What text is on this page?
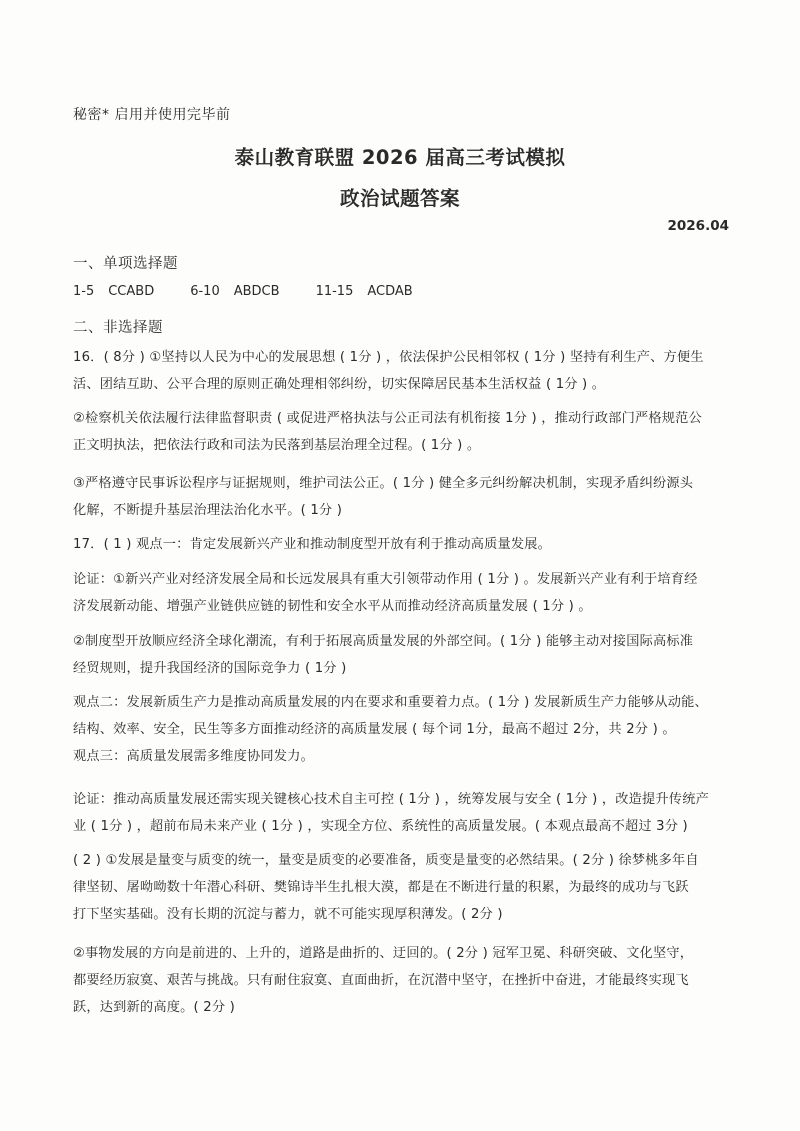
秘密* 启用并使用完毕前
泰山教育联盟 2026 届高三考试模拟
政治试题答案
2026.04
一、单项选择题
1-5 CCABD	6-10 ABDCB	11-15 ACDAB
二、非选择题
16．( 8分 ) ①坚持以人民为中心的发展思想 ( 1分 ) ，依法保护公民相邻权 ( 1分 ) 坚持有利生产、方便生
活、团结互助、公平合理的原则正确处理相邻纠纷，切实保障居民基本生活权益 ( 1分 ) 。
②检察机关依法履行法律监督职责 ( 或促进严格执法与公正司法有机衔接 1分 ) ，推动行政部门严格规范公
正文明执法，把依法行政和司法为民落到基层治理全过程。( 1分 ) 。
③严格遵守民事诉讼程序与证据规则，维护司法公正。( 1分 ) 健全多元纠纷解决机制，实现矛盾纠纷源头
化解，不断提升基层治理法治化水平。( 1分 )
17．( 1 ) 观点一：肯定发展新兴产业和推动制度型开放有利于推动高质量发展。
论证：①新兴产业对经济发展全局和长远发展具有重大引领带动作用 ( 1分 ) 。发展新兴产业有利于培育经
济发展新动能、增强产业链供应链的韧性和安全水平从而推动经济高质量发展 ( 1分 ) 。
②制度型开放顺应经济全球化潮流，有利于拓展高质量发展的外部空间。( 1分 ) 能够主动对接国际高标准
经贸规则，提升我国经济的国际竞争力 ( 1分 )
观点二：发展新质生产力是推动高质量发展的内在要求和重要着力点。( 1分 ) 发展新质生产力能够从动能、
结构、效率、安全，民生等多方面推动经济的高质量发展 ( 每个词 1分，最高不超过 2分，共 2分 ) 。
观点三：高质量发展需多维度协同发力。
论证：推动高质量发展还需实现关键核心技术自主可控 ( 1分 ) ，统筹发展与安全 ( 1分 ) ，改造提升传统产
业 ( 1分 ) ，超前布局未来产业 ( 1分 ) ，实现全方位、系统性的高质量发展。( 本观点最高不超过 3分 )
( 2 ) ①发展是量变与质变的统一，量变是质变的必要准备，质变是量变的必然结果。( 2分 ) 徐梦桃多年自
律坚韧、屠呦呦数十年潜心科研、樊锦诗半生扎根大漠，都是在不断进行量的积累，为最终的成功与飞跃
打下坚实基础。没有长期的沉淀与蓄力，就不可能实现厚积薄发。( 2分 )
②事物发展的方向是前进的、上升的，道路是曲折的、迂回的。( 2分 ) 冠军卫冕、科研突破、文化坚守，
都要经历寂寞、艰苦与挑战。只有耐住寂寞、直面曲折，在沉潜中坚守，在挫折中奋进，才能最终实现飞
跃，达到新的高度。( 2分 )
